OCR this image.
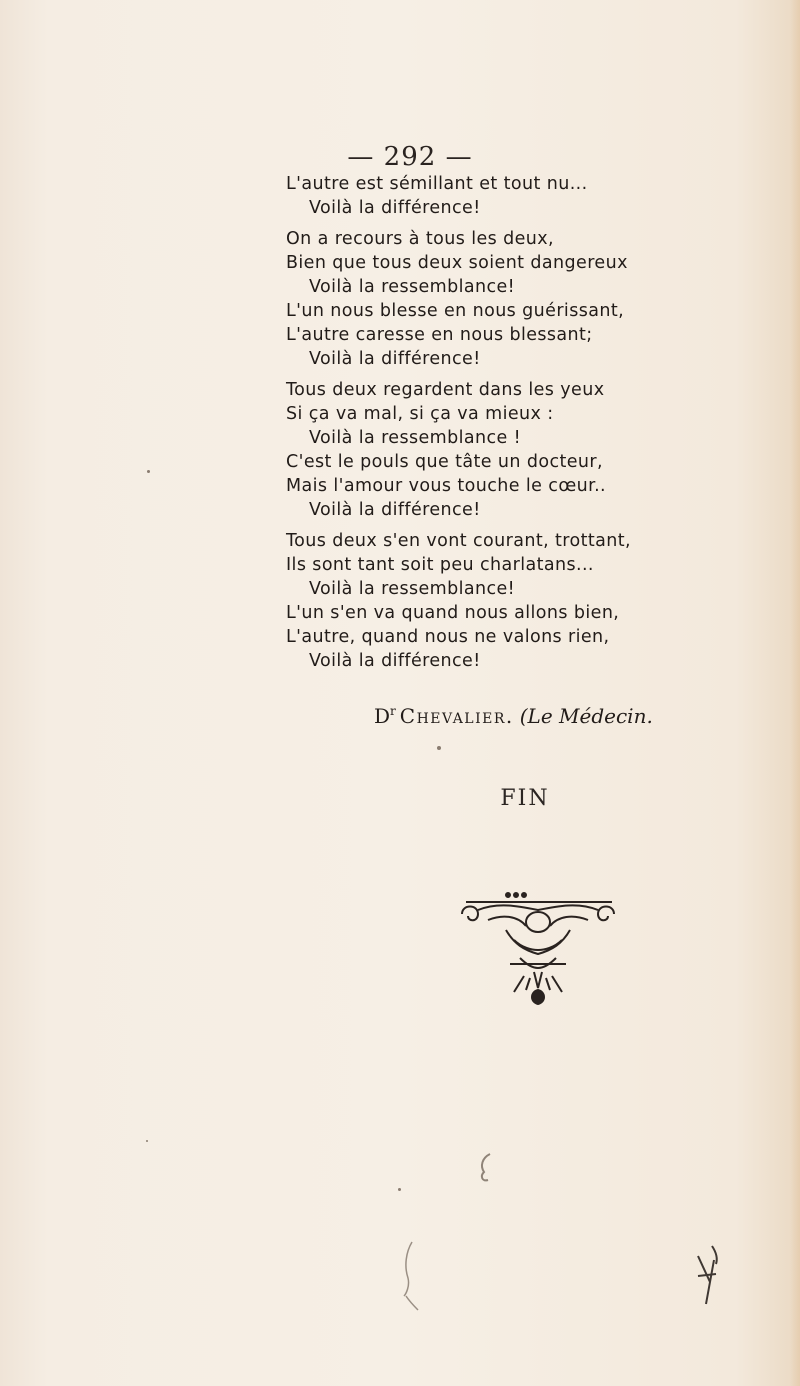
— 292 —
L'autre est sémillant et tout nu...
Voilà la différence!
On a recours à tous les deux,
Bien que tous deux soient dangereux
Voilà la ressemblance!
L'un nous blesse en nous guérissant,
L'autre caresse en nous blessant;
Voilà la différence!
Tous deux regardent dans les yeux
Si ça va mal, si ça va mieux :
Voilà la ressemblance !
C'est le pouls que tâte un docteur,
Mais l'amour vous touche le cœur..
Voilà la différence!
Tous deux s'en vont courant, trottant,
Ils sont tant soit peu charlatans...
Voilà la ressemblance!
L'un s'en va quand nous allons bien,
L'autre, quand nous ne valons rien,
Voilà la différence!
$D^r$ Chevalier. (Le Médecin.
FIN
